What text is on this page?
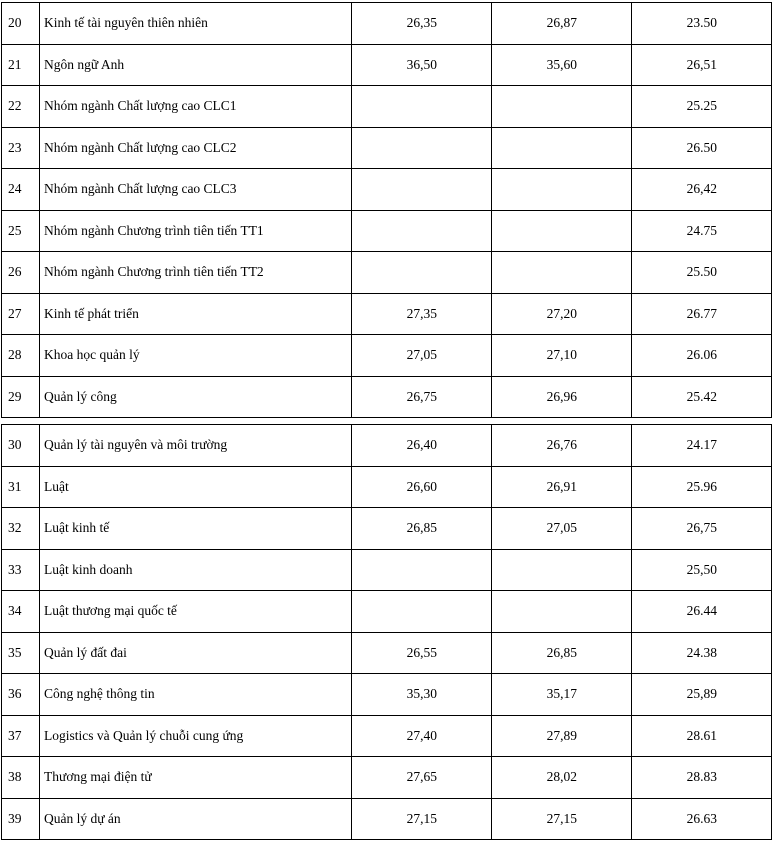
20	Kinh tế tài nguyên thiên nhiên	26,35	26,87	23.50
21	Ngôn ngữ Anh	36,50	35,60	26,51
22	Nhóm ngành Chất lượng cao CLC1			25.25
23	Nhóm ngành Chất lượng cao CLC2			26.50
24	Nhóm ngành Chất lượng cao CLC3			26,42
25	Nhóm ngành Chương trình tiên tiến TT1			24.75
26	Nhóm ngành Chương trình tiên tiến TT2			25.50
27	Kinh tế phát triển	27,35	27,20	26.77
28	Khoa học quản lý	27,05	27,10	26.06
29	Quản lý công	26,75	26,96	25.42
30	Quản lý tài nguyên và môi trường	26,40	26,76	24.17
31	Luật	26,60	26,91	25.96
32	Luật kinh tế	26,85	27,05	26,75
33	Luật kinh doanh			25,50
34	Luật thương mại quốc tế			26.44
35	Quản lý đất đai	26,55	26,85	24.38
36	Công nghệ thông tin	35,30	35,17	25,89
37	Logistics và Quản lý chuỗi cung ứng	27,40	27,89	28.61
38	Thương mại điện tử	27,65	28,02	28.83
39	Quản lý dự án	27,15	27,15	26.63
